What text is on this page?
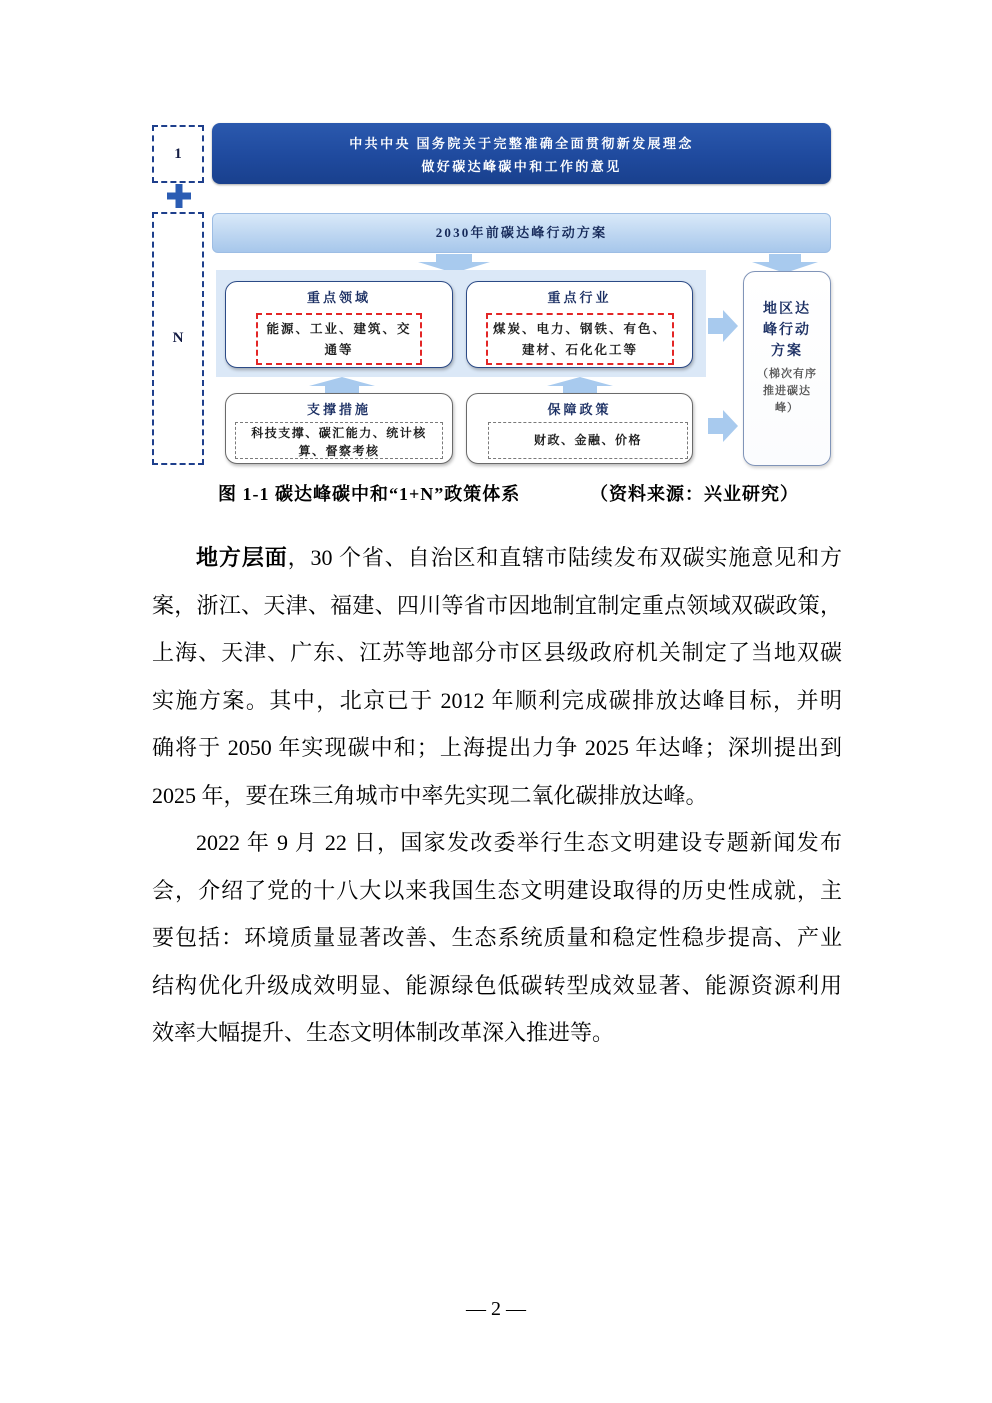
1
N
中共中央 国务院关于完整准确全面贯彻新发展理念
做好碳达峰碳中和工作的意见
2030年前碳达峰行动方案
重点领域
能源、工业、建筑、交
通等
重点行业
煤炭、电力、钢铁、有色、
建材、石化化工等
地区达
峰行动
方案
（梯次有序
推进碳达
峰）
支撑措施
科技支撑、碳汇能力、统计核
算、督察考核
保障政策
财政、金融、价格
图 1-1 碳达峰碳中和“1+N”政策体系	（资料来源：兴业研究）
地方层面，30 个省、自治区和直辖市陆续发布双碳实施意见和方
案，浙江、天津、福建、四川等省市因地制宜制定重点领域双碳政策，
上海、天津、广东、江苏等地部分市区县级政府机关制定了当地双碳
实施方案。其中，北京已于 2012 年顺利完成碳排放达峰目标，并明
确将于 2050 年实现碳中和；上海提出力争 2025 年达峰；深圳提出到
2025 年，要在珠三角城市中率先实现二氧化碳排放达峰。
2022 年 9 月 22 日，国家发改委举行生态文明建设专题新闻发布
会，介绍了党的十八大以来我国生态文明建设取得的历史性成就，主
要包括：环境质量显著改善、生态系统质量和稳定性稳步提高、产业
结构优化升级成效明显、能源绿色低碳转型成效显著、能源资源利用
效率大幅提升、生态文明体制改革深入推进等。
— 2 —
